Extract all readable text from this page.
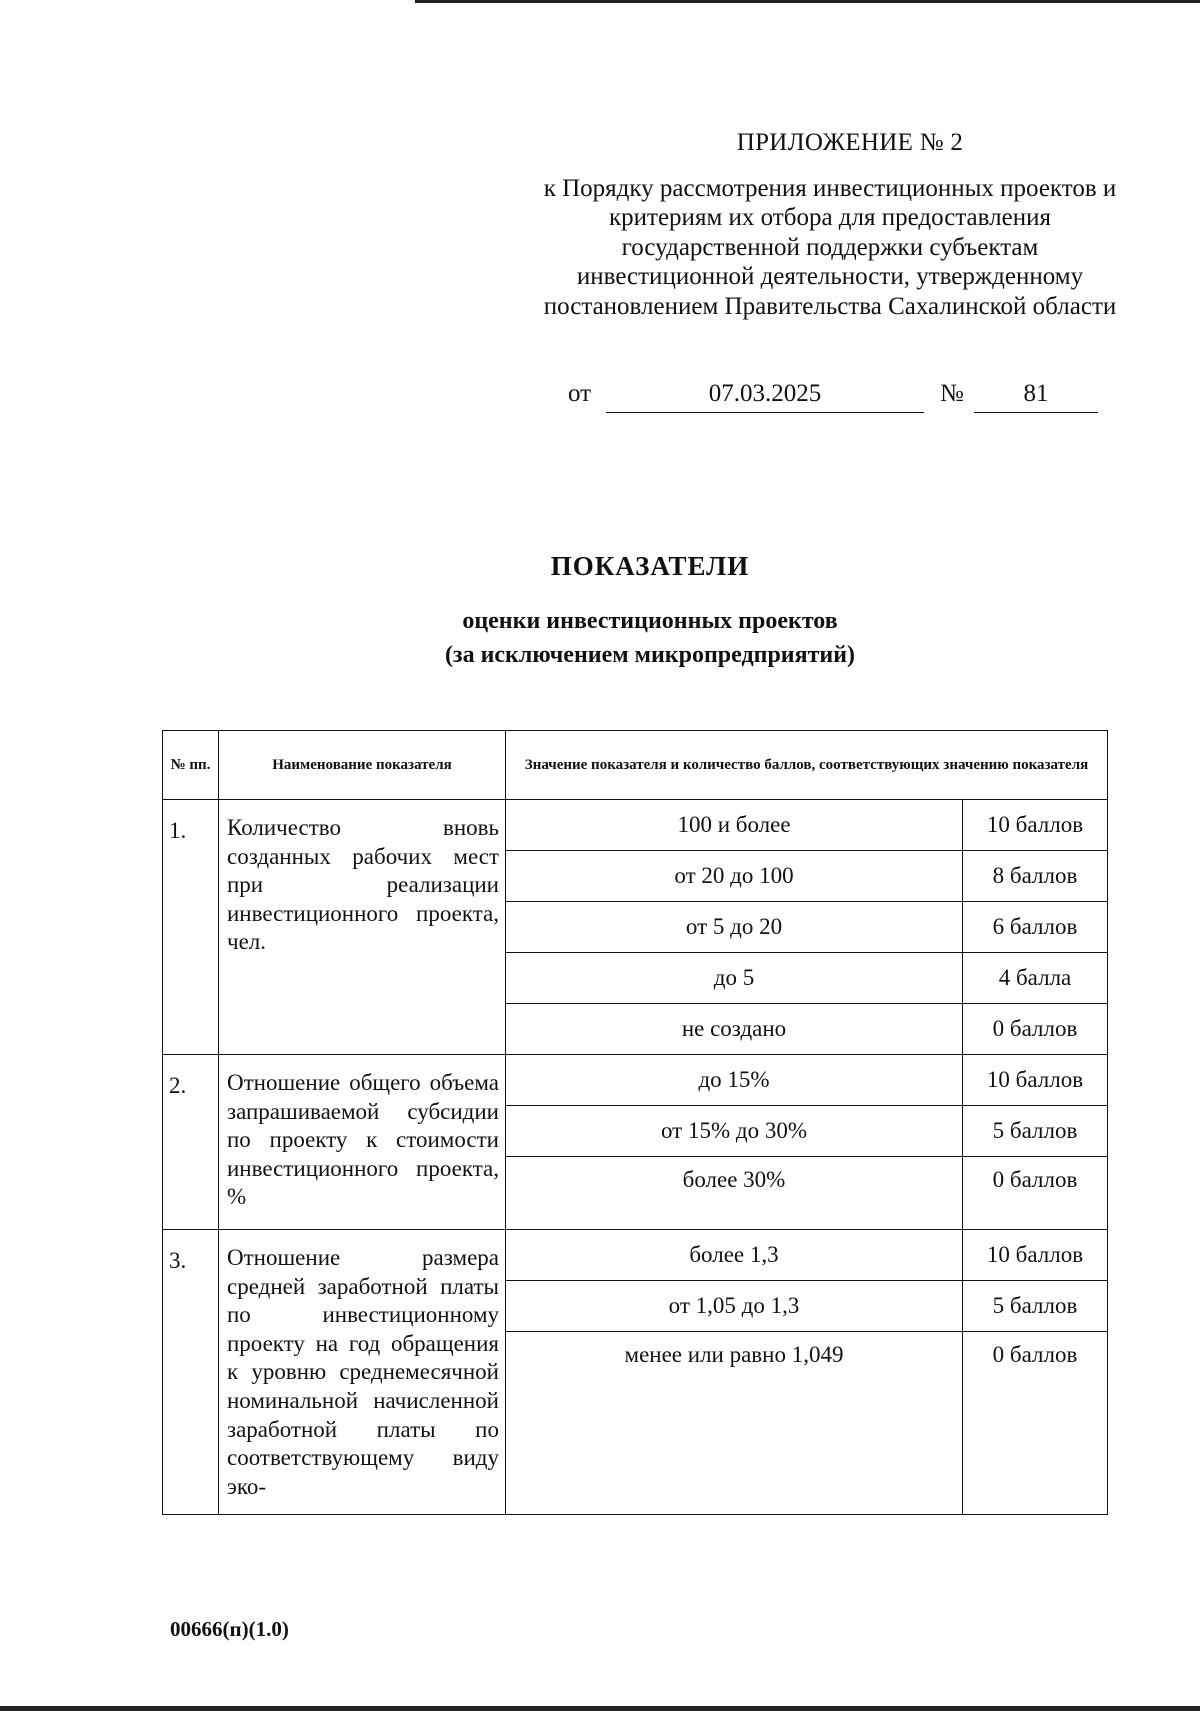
ПРИЛОЖЕНИЕ № 2
к Порядку рассмотрения инвестиционных проектов и критериям их отбора для предоставления государственной поддержки субъектам инвестиционной деятельности, утвержденному постановлением Правительства Сахалинской области
от	07.03.2025	№	81
ПОКАЗАТЕЛИ
оценки инвестиционных проектов
(за исключением микропредприятий)
№ пп.	Наименование показателя	Значение показателя и количество баллов, соответствующих значению показателя	
1.	Количество вновь созданных рабочих мест при реализации инвестиционного проекта, чел.	100 и более	10 баллов
		от 20 до 100	8 баллов
		от 5 до 20	6 баллов
		до 5	4 балла
		не создано	0 баллов
2.	Отношение общего объема запрашиваемой субсидии по проекту к стоимости инвестиционного проекта, %	до 15%	10 баллов
		от 15% до 30%	5 баллов
		более 30%	0 баллов
3.	Отношение размера средней заработной платы по инвестиционному проекту на год обращения к уровню среднемесячной номинальной начисленной заработной платы по соответствующему виду эко-	более 1,3	10 баллов
		от 1,05 до 1,3	5 баллов
		менее или равно 1,049	0 баллов
00666(п)(1.0)
